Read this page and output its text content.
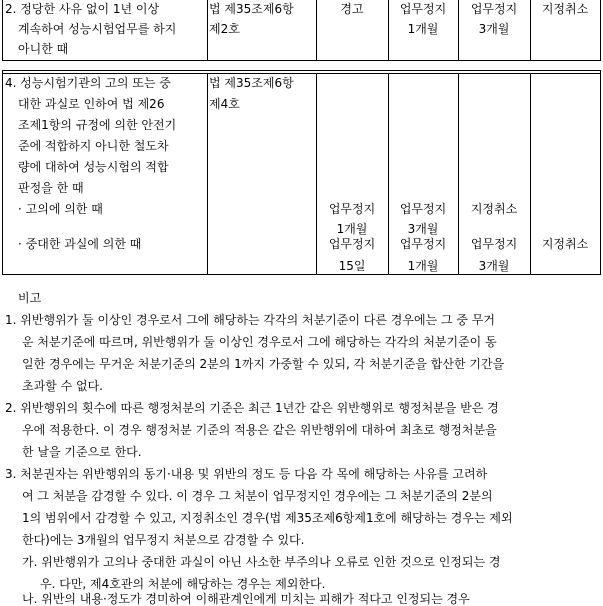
2. 정당한 사유 없이 1년 이상
계속하여 성능시험업무를 하지
아니한 때
법 제35조제6항
제2호
경고	업무정지
1개월
업무정지
3개월
지정취소
4. 성능시험기관의 고의 또는 중
대한 과실로 인하여 법 제26
조제1항의 규정에 의한 안전기
준에 적합하지 아니한 철도차
량에 대하여 성능시험의 적합
판정을 한 때
· 고의에 의한 때
· 중대한 과실에 의한 때
법 제35조제6항
제4호
업무정지
1개월
업무정지
3개월
지정취소
업무정지
15일
업무정지
1개월
업무정지
3개월
지정취소
비고
1. 위반행위가 둘 이상인 경우로서 그에 해당하는 각각의 처분기준이 다른 경우에는 그 중 무거
운 처분기준에 따르며, 위반행위가 둘 이상인 경우로서 그에 해당하는 각각의 처분기준이 동
일한 경우에는 무거운 처분기준의 2분의 1까지 가중할 수 있되, 각 처분기준을 합산한 기간을
초과할 수 없다.
2. 위반행위의 횟수에 따른 행정처분의 기준은 최근 1년간 같은 위반행위로 행정처분을 받은 경
우에 적용한다. 이 경우 행정처분 기준의 적용은 같은 위반행위에 대하여 최초로 행정처분을
한 날을 기준으로 한다.
3. 처분권자는 위반행위의 동기·내용 및 위반의 정도 등 다음 각 목에 해당하는 사유를 고려하
여 그 처분을 감경할 수 있다. 이 경우 그 처분이 업무정지인 경우에는 그 처분기준의 2분의
1의 범위에서 감경할 수 있고, 지정취소인 경우(법 제35조제6항제1호에 해당하는 경우는 제외
한다)에는 3개월의 업무정지 처분으로 감경할 수 있다.
가. 위반행위가 고의나 중대한 과실이 아닌 사소한 부주의나 오류로 인한 것으로 인정되는 경
우. 다만, 제4호관의 처분에 해당하는 경우는 제외한다.
나. 위반의 내용·정도가 경미하여 이해관계인에게 미치는 피해가 적다고 인정되는 경우
